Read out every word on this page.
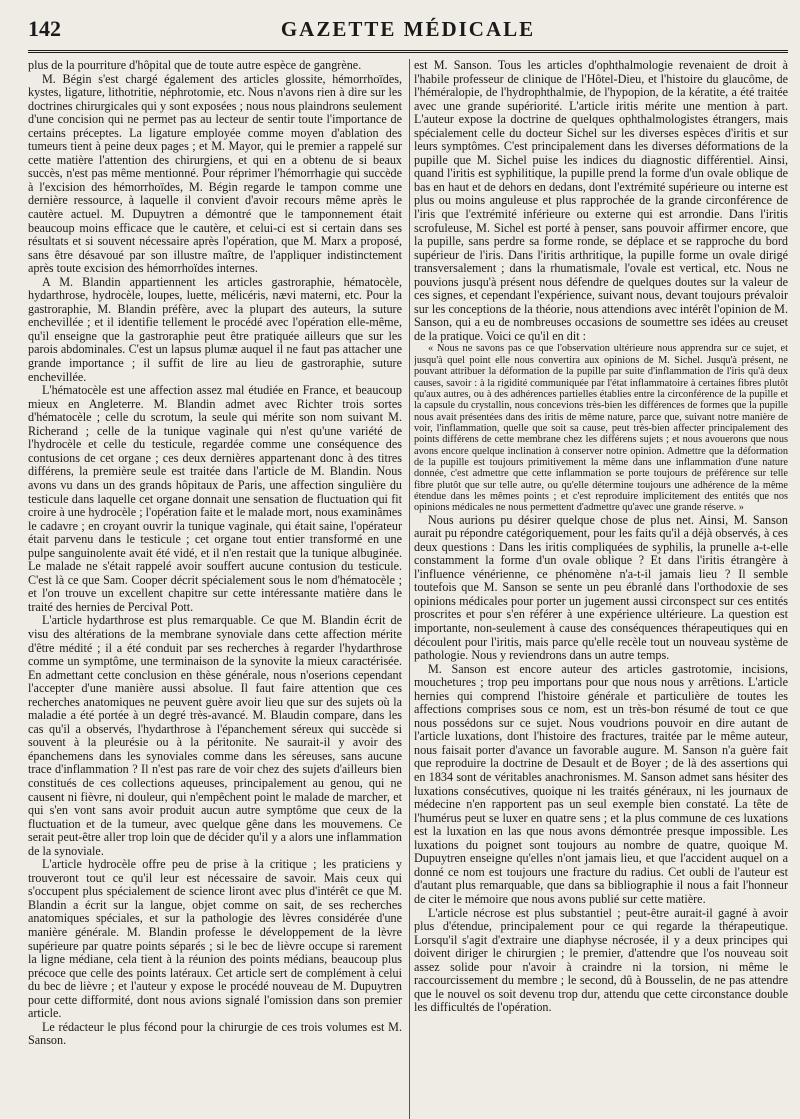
142	GAZETTE MÉDICALE

plus de la pourriture d'hôpital que de toute autre espèce de gangrène.

M. Bégin s'est chargé également des articles glossite, hémorrhoïdes, kystes, ligature, lithotritie, néphrotomie, etc. Nous n'avons rien à dire sur les doctrines chirurgicales qui y sont exposées ; nous nous plaindrons seulement d'une concision qui ne permet pas au lecteur de sentir toute l'importance de certains préceptes. La ligature employée comme moyen d'ablation des tumeurs tient à peine deux pages ; et M. Mayor, qui le premier a rappelé sur cette matière l'attention des chirurgiens, et qui en a obtenu de si beaux succès, n'est pas même mentionné. Pour réprimer l'hémorrhagie qui succède à l'excision des hémorrhoïdes, M. Bégin regarde le tampon comme une dernière ressource, à laquelle il convient d'avoir recours même après le cautère actuel. M. Dupuytren a démontré que le tamponnement était beaucoup moins efficace que le cautère, et celui-ci est si certain dans ses résultats et si souvent nécessaire après l'opération, que M. Marx a proposé, sans être désavoué par son illustre maître, de l'appliquer indistinctement après toute excision des hémorrhoïdes internes.

A M. Blandin appartiennent les articles gastroraphie, hématocèle, hydarthrose, hydrocèle, loupes, luette, mélicéris, nævi materni, etc. Pour la gastroraphie, M. Blandin préfère, avec la plupart des auteurs, la suture enchevillée ; et il identifie tellement le procédé avec l'opération elle-même, qu'il enseigne que la gastroraphie peut être pratiquée ailleurs que sur les parois abdominales. C'est un lapsus plumæ auquel il ne faut pas attacher une grande importance ; il suffit de lire au lieu de gastroraphie, suture enchevillée.

L'hématocèle est une affection assez mal étudiée en France, et beaucoup mieux en Angleterre. M. Blandin admet avec Richter trois sortes d'hématocèle ; celle du scrotum, la seule qui mérite son nom suivant M. Richerand ; celle de la tunique vaginale qui n'est qu'une variété de l'hydrocèle et celle du testicule, regardée comme une conséquence des contusions de cet organe ; ces deux dernières appartenant donc à des titres différens, la première seule est traitée dans l'article de M. Blandin. Nous avons vu dans un des grands hôpitaux de Paris, une affection singulière du testicule dans laquelle cet organe donnait une sensation de fluctuation qui fit croire à une hydrocèle ; l'opération faite et le malade mort, nous examinâmes le cadavre ; en croyant ouvrir la tunique vaginale, qui était saine, l'opérateur était parvenu dans le testicule ; cet organe tout entier transformé en une pulpe sanguinolente avait été vidé, et il n'en restait que la tunique albuginée. Le malade ne s'était rappelé avoir souffert aucune contusion du testicule. C'est là ce que Sam. Cooper décrit spécialement sous le nom d'hématocèle ; et l'on trouve un excellent chapitre sur cette intéressante matière dans le traité des hernies de Percival Pott.

L'article hydarthrose est plus remarquable. Ce que M. Blandin écrit de visu des altérations de la membrane synoviale dans cette affection mérite d'être médité ; il a été conduit par ses recherches à regarder l'hydarthrose comme un symptôme, une terminaison de la synovite la mieux caractérisée. En admettant cette conclusion en thèse générale, nous n'oserions cependant l'accepter d'une manière aussi absolue. Il faut faire attention que ces recherches anatomiques ne peuvent guère avoir lieu que sur des sujets où la maladie a été portée à un degré très-avancé. M. Blaudin compare, dans les cas qu'il a observés, l'hydarthrose à l'épanchement séreux qui succède si souvent à la pleurésie ou à la péritonite. Ne saurait-il y avoir des épanchemens dans les synoviales comme dans les séreuses, sans aucune trace d'inflammation ? Il n'est pas rare de voir chez des sujets d'ailleurs bien constitués de ces collections aqueuses, principalement au genou, qui ne causent ni fièvre, ni douleur, qui n'empêchent point le malade de marcher, et qui s'en vont sans avoir produit aucun autre symptôme que ceux de la fluctuation et de la tumeur, avec quelque gêne dans les mouvemens. Ce serait peut-être aller trop loin que de décider qu'il y a alors une inflammation de la synoviale.

L'article hydrocèle offre peu de prise à la critique ; les praticiens y trouveront tout ce qu'il leur est nécessaire de savoir. Mais ceux qui s'occupent plus spécialement de science liront avec plus d'intérêt ce que M. Blandin a écrit sur la langue, objet comme on sait, de ses recherches anatomiques spéciales, et sur la pathologie des lèvres considérée d'une manière générale. M. Blandin professe le développement de la lèvre supérieure par quatre points séparés ; si le bec de lièvre occupe si rarement la ligne médiane, cela tient à la réunion des points médians, beaucoup plus précoce que celle des points latéraux. Cet article sert de complément à celui du bec de lièvre ; et l'auteur y expose le procédé nouveau de M. Dupuytren pour cette difformité, dont nous avions signalé l'omission dans son premier article.

Le rédacteur le plus fécond pour la chirurgie de ces trois volumes est M. Sanson.

est M. Sanson. Tous les articles d'ophthalmologie revenaient de droit à l'habile professeur de clinique de l'Hôtel-Dieu, et l'histoire du glaucôme, de l'héméralopie, de l'hydrophthalmie, de l'hypopion, de la kératite, a été traitée avec une grande supériorité. L'article iritis mérite une mention à part. L'auteur expose la doctrine de quelques ophthalmologistes étrangers, mais spécialement celle du docteur Sichel sur les diverses espèces d'iritis et sur leurs symptômes. C'est principalement dans les diverses déformations de la pupille que M. Sichel puise les indices du diagnostic différentiel. Ainsi, quand l'iritis est syphilitique, la pupille prend la forme d'un ovale oblique de bas en haut et de dehors en dedans, dont l'extrémité supérieure ou interne est plus ou moins anguleuse et plus rapprochée de la grande circonférence de l'iris que l'extrémité inférieure ou externe qui est arrondie. Dans l'iritis scrofuleuse, M. Sichel est porté à penser, sans pouvoir affirmer encore, que la pupille, sans perdre sa forme ronde, se déplace et se rapproche du bord supérieur de l'iris. Dans l'iritis arthritique, la pupille forme un ovale dirigé transversalement ; dans la rhumatismale, l'ovale est vertical, etc. Nous ne pouvions jusqu'à présent nous défendre de quelques doutes sur la valeur de ces signes, et cependant l'expérience, suivant nous, devant toujours prévaloir sur les conceptions de la théorie, nous attendions avec intérêt l'opinion de M. Sanson, qui a eu de nombreuses occasions de soumettre ses idées au creuset de la pratique. Voici ce qu'il en dit :

« Nous ne savons pas ce que l'observation ultérieure nous apprendra sur ce sujet, et jusqu'à quel point elle nous convertira aux opinions de M. Sichel. Jusqu'à présent, ne pouvant attribuer la déformation de la pupille par suite d'inflammation de l'iris qu'à deux causes, savoir : à la rigidité communiquée par l'état inflammatoire à certaines fibres plutôt qu'aux autres, ou à des adhérences partielles établies entre la circonférence de la pupille et la capsule du crystallin, nous concevions très-bien les différences de formes que la pupille nous avait présentées dans des iritis de même nature, parce que, suivant notre manière de voir, l'inflammation, quelle que soit sa cause, peut très-bien affecter principalement des points différens de cette membrane chez les différens sujets ; et nous avouerons que nous avons encore quelque inclination à conserver notre opinion. Admettre que la déformation de la pupille est toujours primitivement la même dans une inflammation d'une nature donnée, c'est admettre que cette inflammation se porte toujours de préférence sur telle fibre plutôt que sur telle autre, ou qu'elle détermine toujours une adhérence de la même étendue dans les mêmes points ; et c'est reproduire implicitement des entités que nos opinions médicales ne nous permettent d'admettre qu'avec une grande réserve. »

Nous aurions pu désirer quelque chose de plus net. Ainsi, M. Sanson aurait pu répondre catégoriquement, pour les faits qu'il a déjà observés, à ces deux questions : Dans les iritis compliquées de syphilis, la prunelle a-t-elle constamment la forme d'un ovale oblique ? Et dans l'iritis étrangère à l'influence vénérienne, ce phénomène n'a-t-il jamais lieu ? Il semble toutefois que M. Sanson se sente un peu ébranlé dans l'orthodoxie de ses opinions médicales pour porter un jugement aussi circonspect sur ces entités proscrites et pour s'en référer à une expérience ultérieure. La question est importante, non-seulement à cause des conséquences thérapeutiques qui en découlent pour l'iritis, mais parce qu'elle recèle tout un nouveau système de pathologie. Nous y reviendrons dans un autre temps.

M. Sanson est encore auteur des articles gastrotomie, incisions, mouchetures ; trop peu importans pour que nous nous y arrêtions. L'article hernies qui comprend l'histoire générale et particulière de toutes les affections comprises sous ce nom, est un très-bon résumé de tout ce que nous possédons sur ce sujet. Nous voudrions pouvoir en dire autant de l'article luxations, dont l'histoire des fractures, traitée par le même auteur, nous faisait porter d'avance un favorable augure. M. Sanson n'a guère fait que reproduire la doctrine de Desault et de Boyer ; de là des assertions qui en 1834 sont de véritables anachronismes. M. Sanson admet sans hésiter des luxations consécutives, quoique ni les traités généraux, ni les journaux de médecine n'en rapportent pas un seul exemple bien constaté. La tête de l'humérus peut se luxer en quatre sens ; et la plus commune de ces luxations est la luxation en las que nous avons démontrée presque impossible. Les luxations du poignet sont toujours au nombre de quatre, quoique M. Dupuytren enseigne qu'elles n'ont jamais lieu, et que l'accident auquel on a donné ce nom est toujours une fracture du radius. Cet oubli de l'auteur est d'autant plus remarquable, que dans sa bibliographie il nous a fait l'honneur de citer le mémoire que nous avons publié sur cette matière.

L'article nécrose est plus substantiel ; peut-être aurait-il gagné à avoir plus d'étendue, principalement pour ce qui regarde la thérapeutique. Lorsqu'il s'agit d'extraire une diaphyse nécrosée, il y a deux principes qui doivent diriger le chirurgien ; le premier, d'attendre que l'os nouveau soit assez solide pour n'avoir à craindre ni la torsion, ni même le raccourcissement du membre ; le second, dû à Bousselin, de ne pas attendre que le nouvel os soit devenu trop dur, attendu que cette circonstance double les difficultés de l'opération.
